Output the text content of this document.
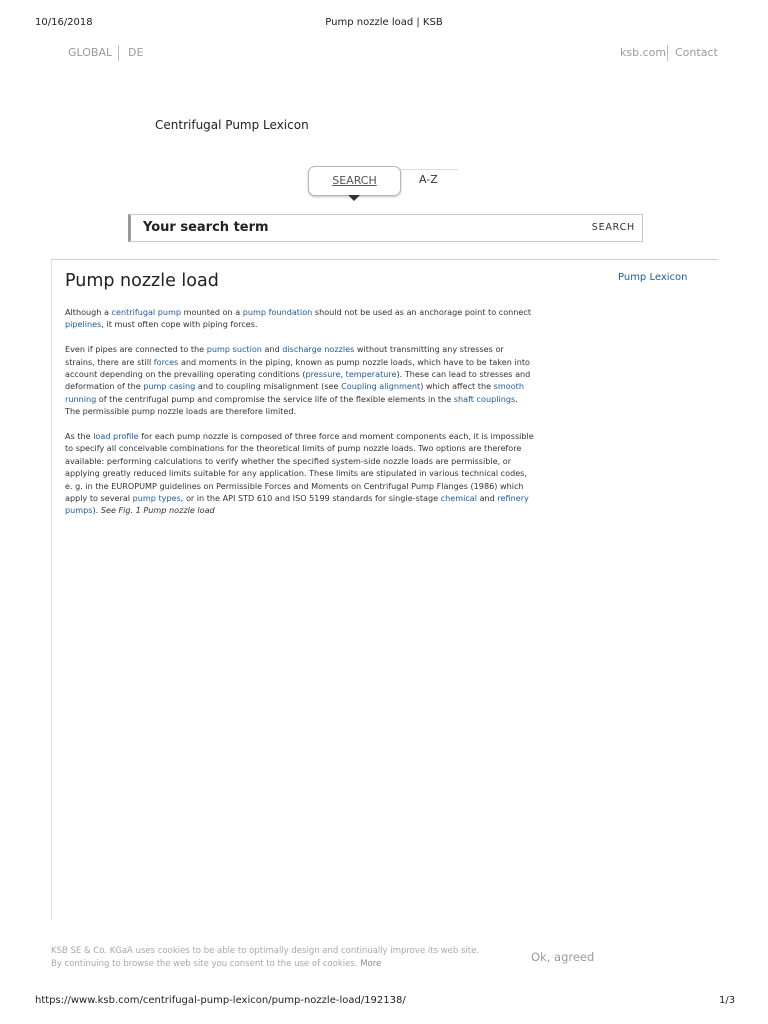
10/16/2018	Pump nozzle load | KSB
GLOBAL DE	ksb.com Contact
Centrifugal Pump Lexicon
SEARCH	A-Z
Your search term
SEARCH
Pump nozzle load	Pump Lexicon

Although a centrifugal pump mounted on a pump foundation should not be used as an anchorage point to connect pipelines, it must often cope with piping forces.

Even if pipes are connected to the pump suction and discharge nozzles without transmitting any stresses or strains, there are still forces and moments in the piping, known as pump nozzle loads, which have to be taken into account depending on the prevailing operating conditions (pressure, temperature). These can lead to stresses and deformation of the pump casing and to coupling misalignment (see Coupling alignment) which affect the smooth running of the centrifugal pump and compromise the service life of the flexible elements in the shaft couplings. The permissible pump nozzle loads are therefore limited.

As the load profile for each pump nozzle is composed of three force and moment components each, it is impossible to specify all conceivable combinations for the theoretical limits of pump nozzle loads. Two options are therefore available: performing calculations to verify whether the specified system-side nozzle loads are permissible, or applying greatly reduced limits suitable for any application. These limits are stipulated in various technical codes, e. g. in the EUROPUMP guidelines on Permissible Forces and Moments on Centrifugal Pump Flanges (1986) which apply to several pump types, or in the API STD 610 and ISO 5199 standards for single-stage chemical and refinery pumps). See Fig. 1 Pump nozzle load

KSB SE & Co. KGaA uses cookies to be able to optimally design and continually improve its web site. By continuing to browse the web site you consent to the use of cookies. More	Ok, agreed
https://www.ksb.com/centrifugal-pump-lexicon/pump-nozzle-load/192138/	1/3
